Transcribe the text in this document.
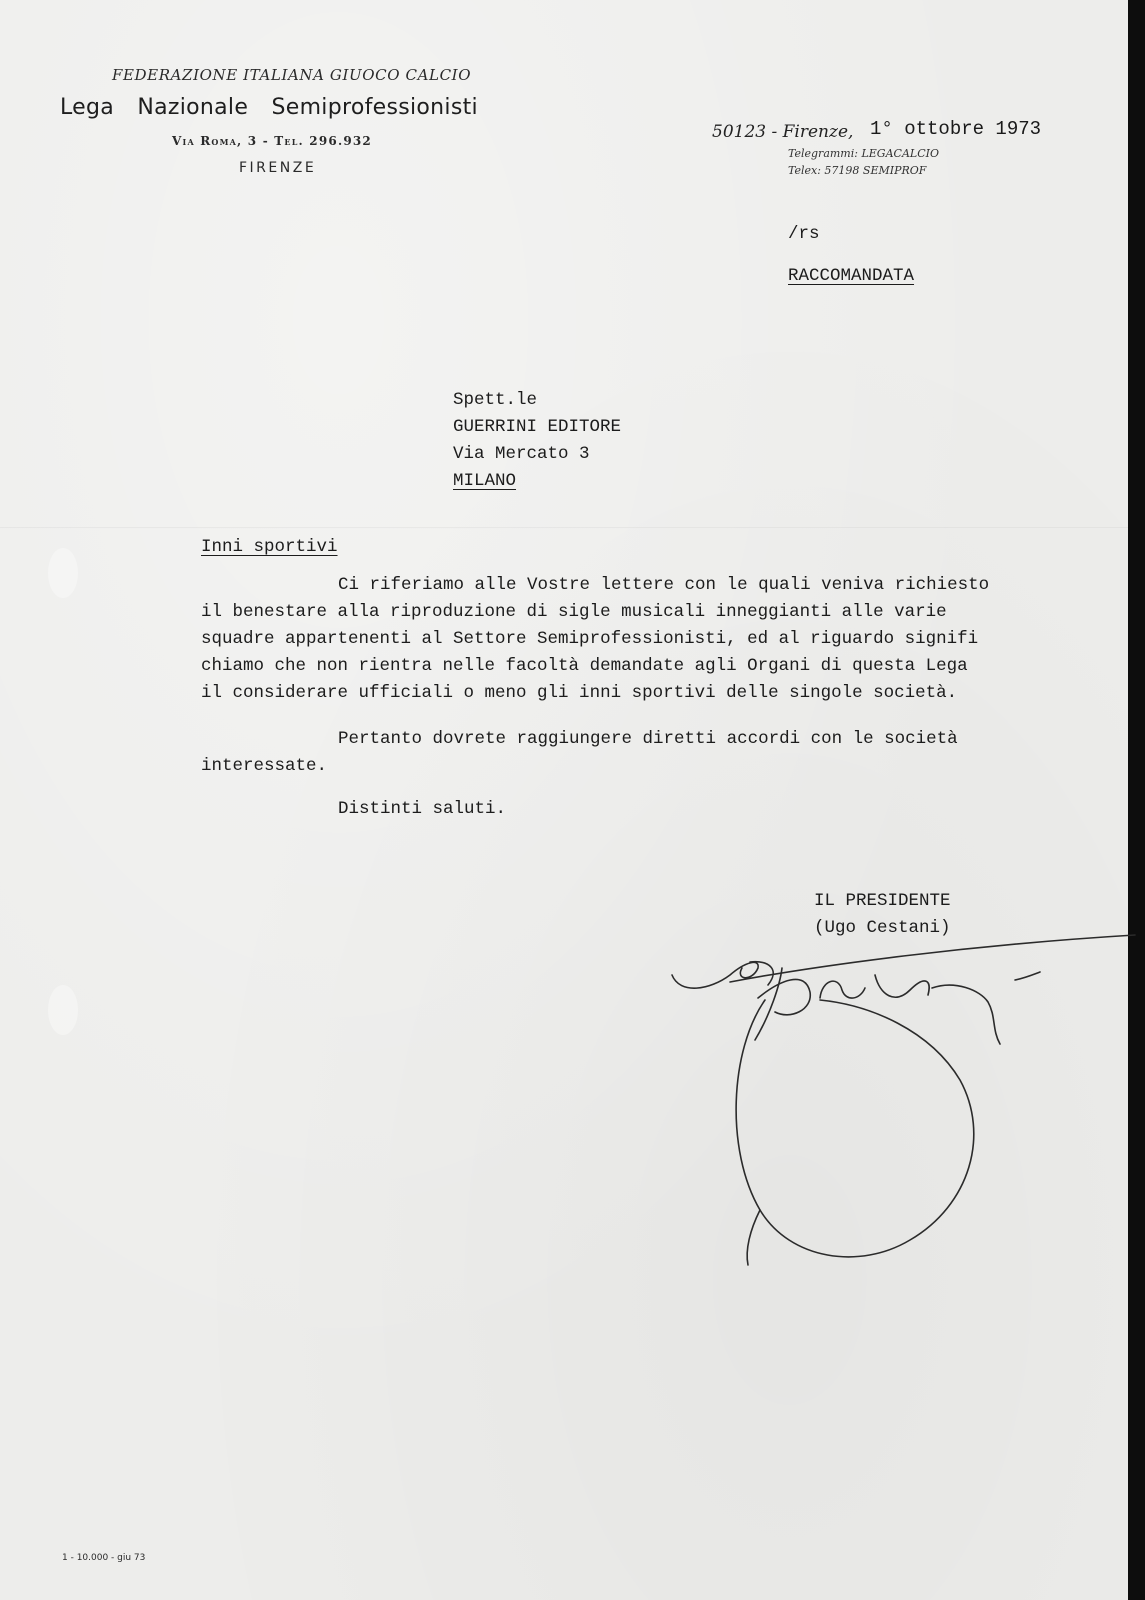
FEDERAZIONE ITALIANA GIUOCO CALCIO
Lega Nazionale Semiprofessionisti
Via Roma, 3 - Tel. 296.932
FIRENZE
50123 - Firenze, 1° ottobre 1973
Telegrammi: LEGACALCIO
Telex: 57198 SEMIPROF
/rs
RACCOMANDATA
Spett.le
GUERRINI EDITORE
Via Mercato 3
MILANO
Inni sportivi
Ci riferiamo alle Vostre lettere con le quali veniva richiesto
il benestare alla riproduzione di sigle musicali inneggianti alle varie
squadre appartenenti al Settore Semiprofessionisti, ed al riguardo signifi
chiamo che non rientra nelle facoltà demandate agli Organi di questa Lega
il considerare ufficiali o meno gli inni sportivi delle singole società.
Pertanto dovrete raggiungere diretti accordi con le società
interessate.
Distinti saluti.
IL PRESIDENTE
(Ugo Cestani)
1 - 10.000 - giu 73
